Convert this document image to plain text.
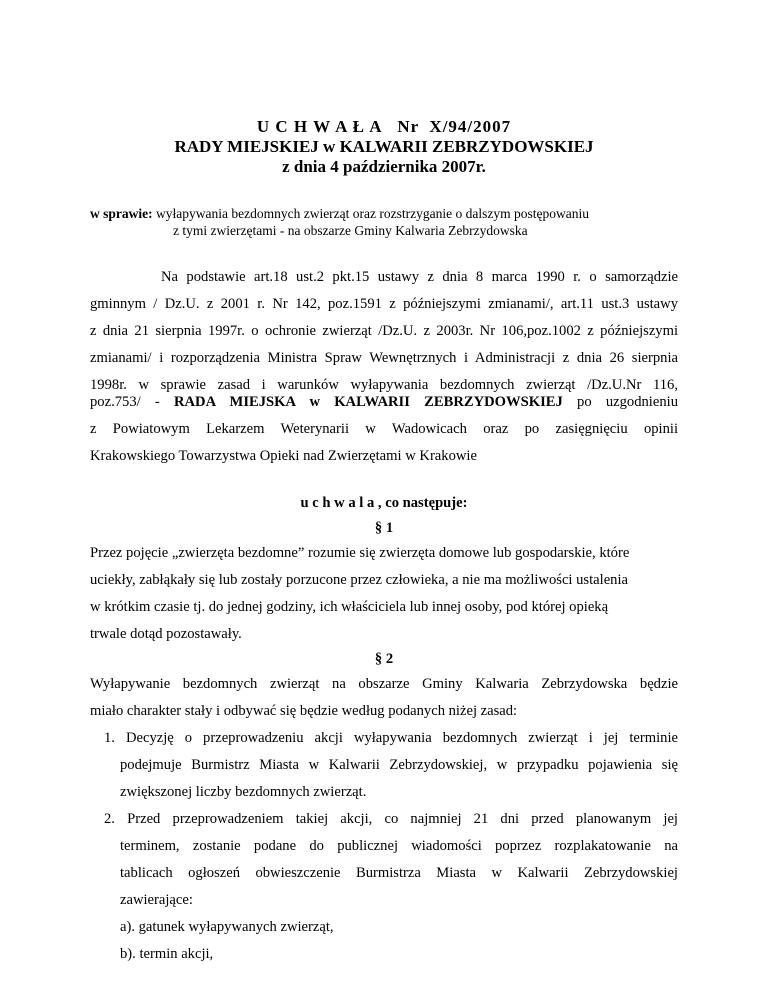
U C H W A Ł A   Nr  X/94/2007
RADY MIEJSKIEJ w KALWARII ZEBRZYDOWSKIEJ
z dnia 4 października 2007r.
w sprawie: wyłapywania bezdomnych zwierząt oraz rozstrzyganie o dalszym postępowaniu
z tymi zwierzętami - na obszarze Gminy Kalwaria Zebrzydowska
Na podstawie art.18 ust.2 pkt.15 ustawy z dnia 8 marca 1990 r. o samorządzie
gminnym / Dz.U. z 2001 r. Nr 142, poz.1591 z późniejszymi zmianami/, art.11 ust.3 ustawy
z dnia 21 sierpnia 1997r. o ochronie zwierząt /Dz.U. z 2003r. Nr 106,poz.1002 z późniejszymi
zmianami/ i rozporządzenia Ministra Spraw Wewnętrznych i Administracji z dnia 26 sierpnia
1998r. w sprawie zasad i warunków wyłapywania bezdomnych zwierząt /Dz.U.Nr 116,
poz.753/ - RADA MIEJSKA w KALWARII ZEBRZYDOWSKIEJ po uzgodnieniu
z Powiatowym Lekarzem Weterynarii w Wadowicach oraz po zasięgnięciu opinii
Krakowskiego Towarzystwa Opieki nad Zwierzętami w Krakowie
u c h w a l a , co następuje:
§ 1
Przez pojęcie „zwierzęta bezdomne” rozumie się zwierzęta domowe lub gospodarskie, które
uciekły, zabłąkały się lub zostały porzucone przez człowieka, a nie ma możliwości ustalenia
w krótkim czasie tj. do jednej godziny, ich właściciela lub innej osoby, pod której opieką
trwale dotąd pozostawały.
§ 2
Wyłapywanie bezdomnych zwierząt na obszarze Gminy Kalwaria Zebrzydowska będzie
miało charakter stały i odbywać się będzie według podanych niżej zasad:
1. Decyzję o przeprowadzeniu akcji wyłapywania bezdomnych zwierząt i jej terminie
podejmuje Burmistrz Miasta w Kalwarii Zebrzydowskiej, w przypadku pojawienia się
zwiększonej liczby bezdomnych zwierząt.
2. Przed przeprowadzeniem takiej akcji, co najmniej 21 dni przed planowanym jej
terminem, zostanie podane do publicznej wiadomości poprzez rozplakatowanie na
tablicach ogłoszeń obwieszczenie Burmistrza Miasta w Kalwarii Zebrzydowskiej
zawierające:
a). gatunek wyłapywanych zwierząt,
b). termin akcji,
